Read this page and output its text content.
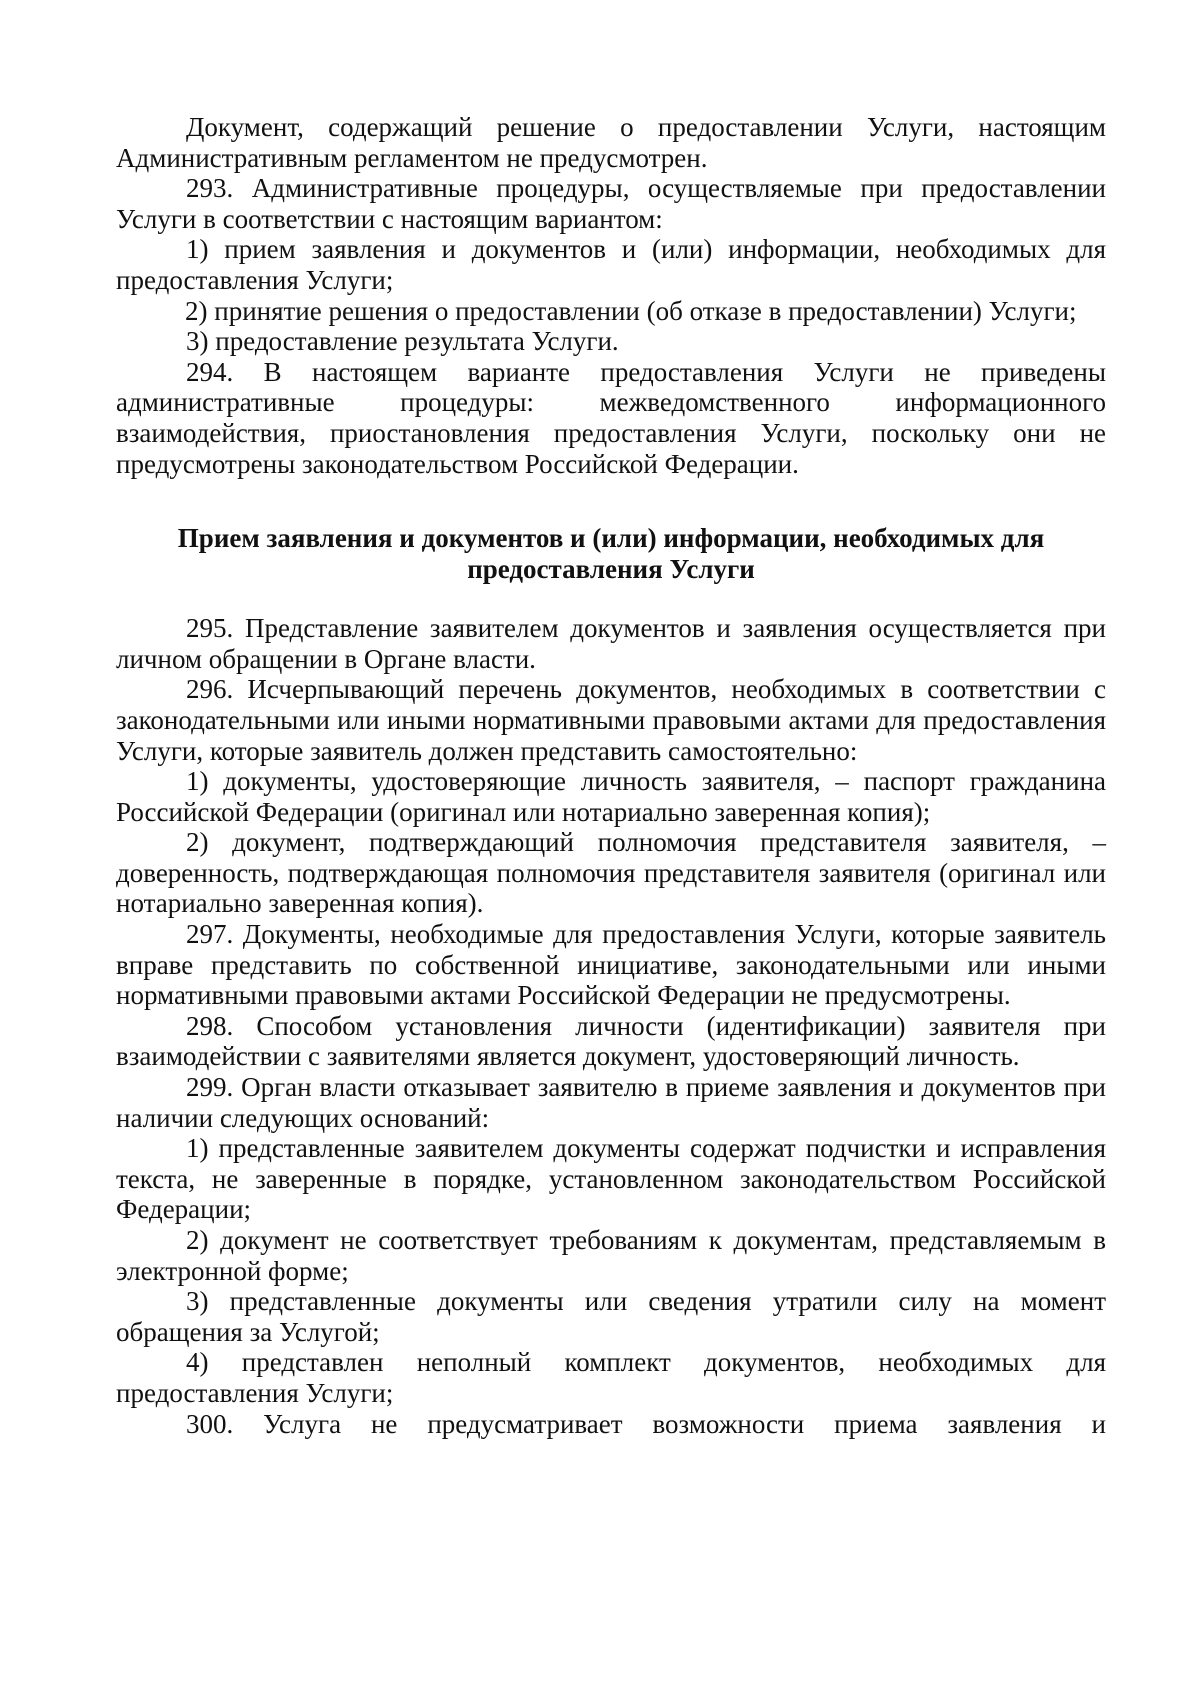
Документ, содержащий решение о предоставлении Услуги, настоящим Административным регламентом не предусмотрен.

293. Административные процедуры, осуществляемые при предоставлении Услуги в соответствии с настоящим вариантом:

1) прием заявления и документов и (или) информации, необходимых для предоставления Услуги;

2) принятие решения о предоставлении (об отказе в предоставлении) Услуги;

3) предоставление результата Услуги.

294. В настоящем варианте предоставления Услуги не приведены административные процедуры: межведомственного информационного взаимодействия, приостановления предоставления Услуги, поскольку они не предусмотрены законодательством Российской Федерации.

Прием заявления и документов и (или) информации, необходимых для предоставления Услуги

295. Представление заявителем документов и заявления осуществляется при личном обращении в Органе власти.

296. Исчерпывающий перечень документов, необходимых в соответствии с законодательными или иными нормативными правовыми актами для предоставления Услуги, которые заявитель должен представить самостоятельно:

1) документы, удостоверяющие личность заявителя, – паспорт гражданина Российской Федерации (оригинал или нотариально заверенная копия);

2) документ, подтверждающий полномочия представителя заявителя, – доверенность, подтверждающая полномочия представителя заявителя (оригинал или нотариально заверенная копия).

297. Документы, необходимые для предоставления Услуги, которые заявитель вправе представить по собственной инициативе, законодательными или иными нормативными правовыми актами Российской Федерации не предусмотрены.

298. Способом установления личности (идентификации) заявителя при взаимодействии с заявителями является документ, удостоверяющий личность.

299. Орган власти отказывает заявителю в приеме заявления и документов при наличии следующих оснований:

1) представленные заявителем документы содержат подчистки и исправления текста, не заверенные в порядке, установленном законодательством Российской Федерации;

2) документ не соответствует требованиям к документам, представляемым в электронной форме;

3) представленные документы или сведения утратили силу на момент обращения за Услугой;

4) представлен неполный комплект документов, необходимых для предоставления Услуги;

300. Услуга не предусматривает возможности приема заявления и
